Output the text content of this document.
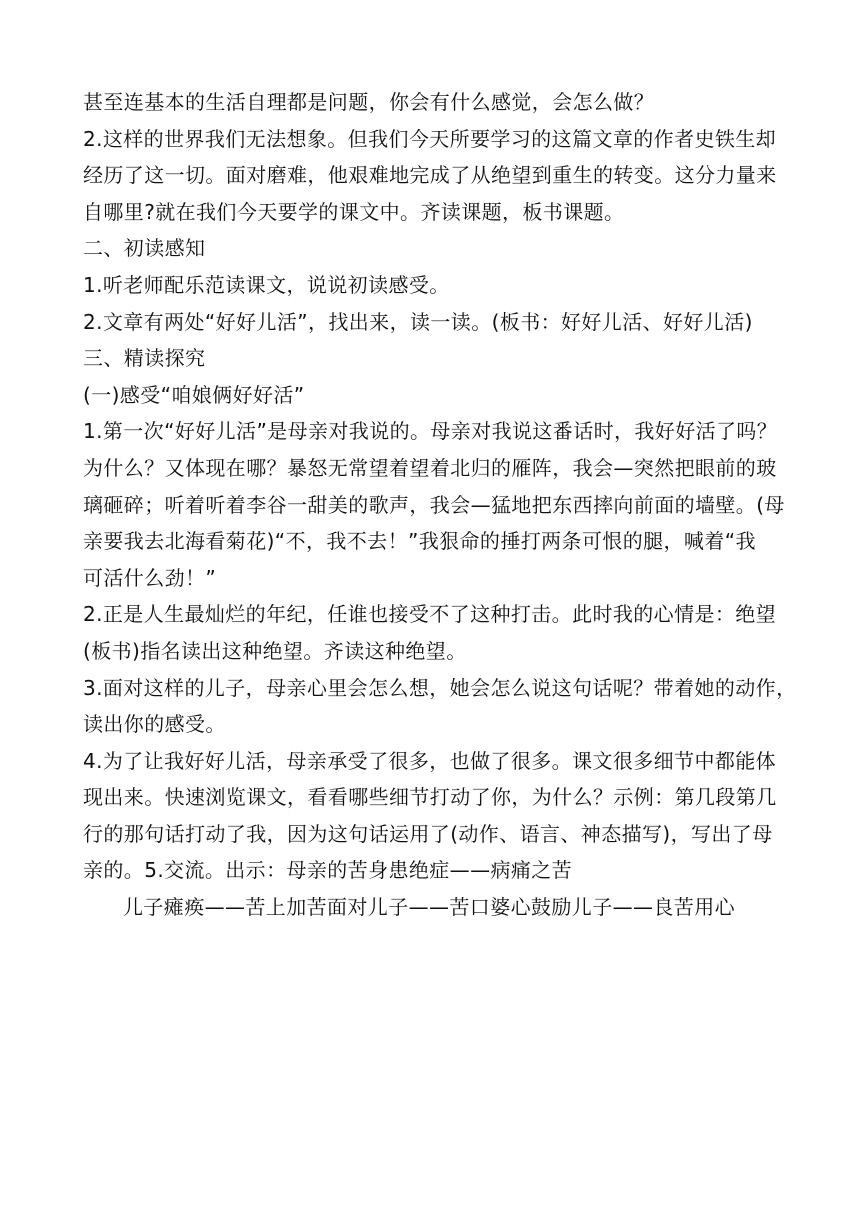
甚至连基本的生活自理都是问题，你会有什么感觉，会怎么做？
2.这样的世界我们无法想象。但我们今天所要学习的这篇文章的作者史铁生却
经历了这一切。面对磨难，他艰难地完成了从绝望到重生的转变。这分力量来
自哪里?就在我们今天要学的课文中。齐读课题，板书课题。
二、初读感知
1.听老师配乐范读课文，说说初读感受。
2.文章有两处“好好儿活”，找出来，读一读。(板书：好好儿活、好好儿活)
三、精读探究
(一)感受“咱娘俩好好活”
1.第一次“好好儿活”是母亲对我说的。母亲对我说这番话时，我好好活了吗？
为什么？又体现在哪？暴怒无常望着望着北归的雁阵，我会—突然把眼前的玻
璃砸碎；听着听着李谷一甜美的歌声，我会—猛地把东西摔向前面的墙壁。(母
亲要我去北海看菊花)“不，我不去！”我狠命的捶打两条可恨的腿，喊着“我
可活什么劲！”
2.正是人生最灿烂的年纪，任谁也接受不了这种打击。此时我的心情是：绝望
(板书)指名读出这种绝望。齐读这种绝望。
3.面对这样的儿子，母亲心里会怎么想，她会怎么说这句话呢？带着她的动作，
读出你的感受。
4.为了让我好好儿活，母亲承受了很多，也做了很多。课文很多细节中都能体
现出来。快速浏览课文，看看哪些细节打动了你，为什么？示例：第几段第几
行的那句话打动了我，因为这句话运用了(动作、语言、神态描写)，写出了母
亲的。5.交流。出示：母亲的苦身患绝症——病痛之苦
儿子瘫痪——苦上加苦面对儿子——苦口婆心鼓励儿子——良苦用心
